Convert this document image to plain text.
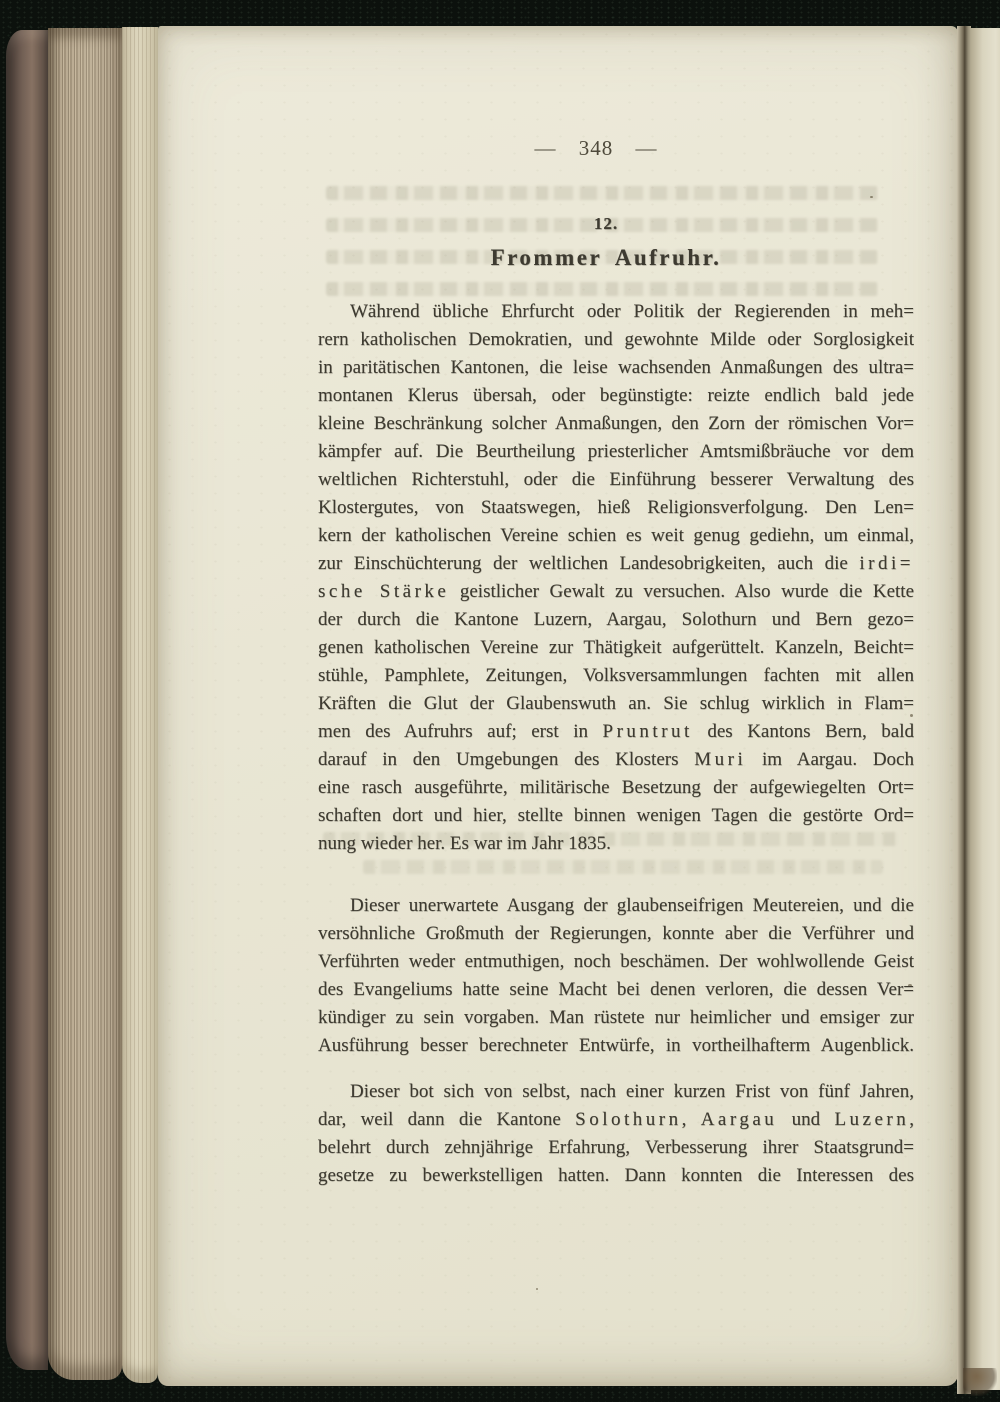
— 348 —
12.
Frommer Aufruhr.
Während übliche Ehrfurcht oder Politik der Regierenden in meh=
rern katholischen Demokratien, und gewohnte Milde oder Sorglosigkeit
in paritätischen Kantonen, die leise wachsenden Anmaßungen des ultra=
montanen Klerus übersah, oder begünstigte: reizte endlich bald jede
kleine Beschränkung solcher Anmaßungen, den Zorn der römischen Vor=
kämpfer auf. Die Beurtheilung priesterlicher Amtsmißbräuche vor dem
weltlichen Richterstuhl, oder die Einführung besserer Verwaltung des
Klostergutes, von Staatswegen, hieß Religionsverfolgung. Den Len=
kern der katholischen Vereine schien es weit genug gediehn, um einmal,
zur Einschüchterung der weltlichen Landesobrigkeiten, auch die irdi=
sche Stärke geistlicher Gewalt zu versuchen. Also wurde die Kette
der durch die Kantone Luzern, Aargau, Solothurn und Bern gezo=
genen katholischen Vereine zur Thätigkeit aufgerüttelt. Kanzeln, Beicht=
stühle, Pamphlete, Zeitungen, Volksversammlungen fachten mit allen
Kräften die Glut der Glaubenswuth an. Sie schlug wirklich in Flam=
men des Aufruhrs auf; erst in Pruntrut des Kantons Bern, bald
darauf in den Umgebungen des Klosters Muri im Aargau. Doch
eine rasch ausgeführte, militärische Besetzung der aufgewiegelten Ort=
schaften dort und hier, stellte binnen wenigen Tagen die gestörte Ord=
nung wieder her. Es war im Jahr 1835.
Dieser unerwartete Ausgang der glaubenseifrigen Meutereien, und die
versöhnliche Großmuth der Regierungen, konnte aber die Verführer und
Verführten weder entmuthigen, noch beschämen. Der wohlwollende Geist
des Evangeliums hatte seine Macht bei denen verloren, die dessen Ver=
kündiger zu sein vorgaben. Man rüstete nur heimlicher und emsiger zur
Ausführung besser berechneter Entwürfe, in vortheilhafterm Augenblick.
Dieser bot sich von selbst, nach einer kurzen Frist von fünf Jahren,
dar, weil dann die Kantone Solothurn, Aargau und Luzern,
belehrt durch zehnjährige Erfahrung, Verbesserung ihrer Staatsgrund=
gesetze zu bewerkstelligen hatten. Dann konnten die Interessen des
